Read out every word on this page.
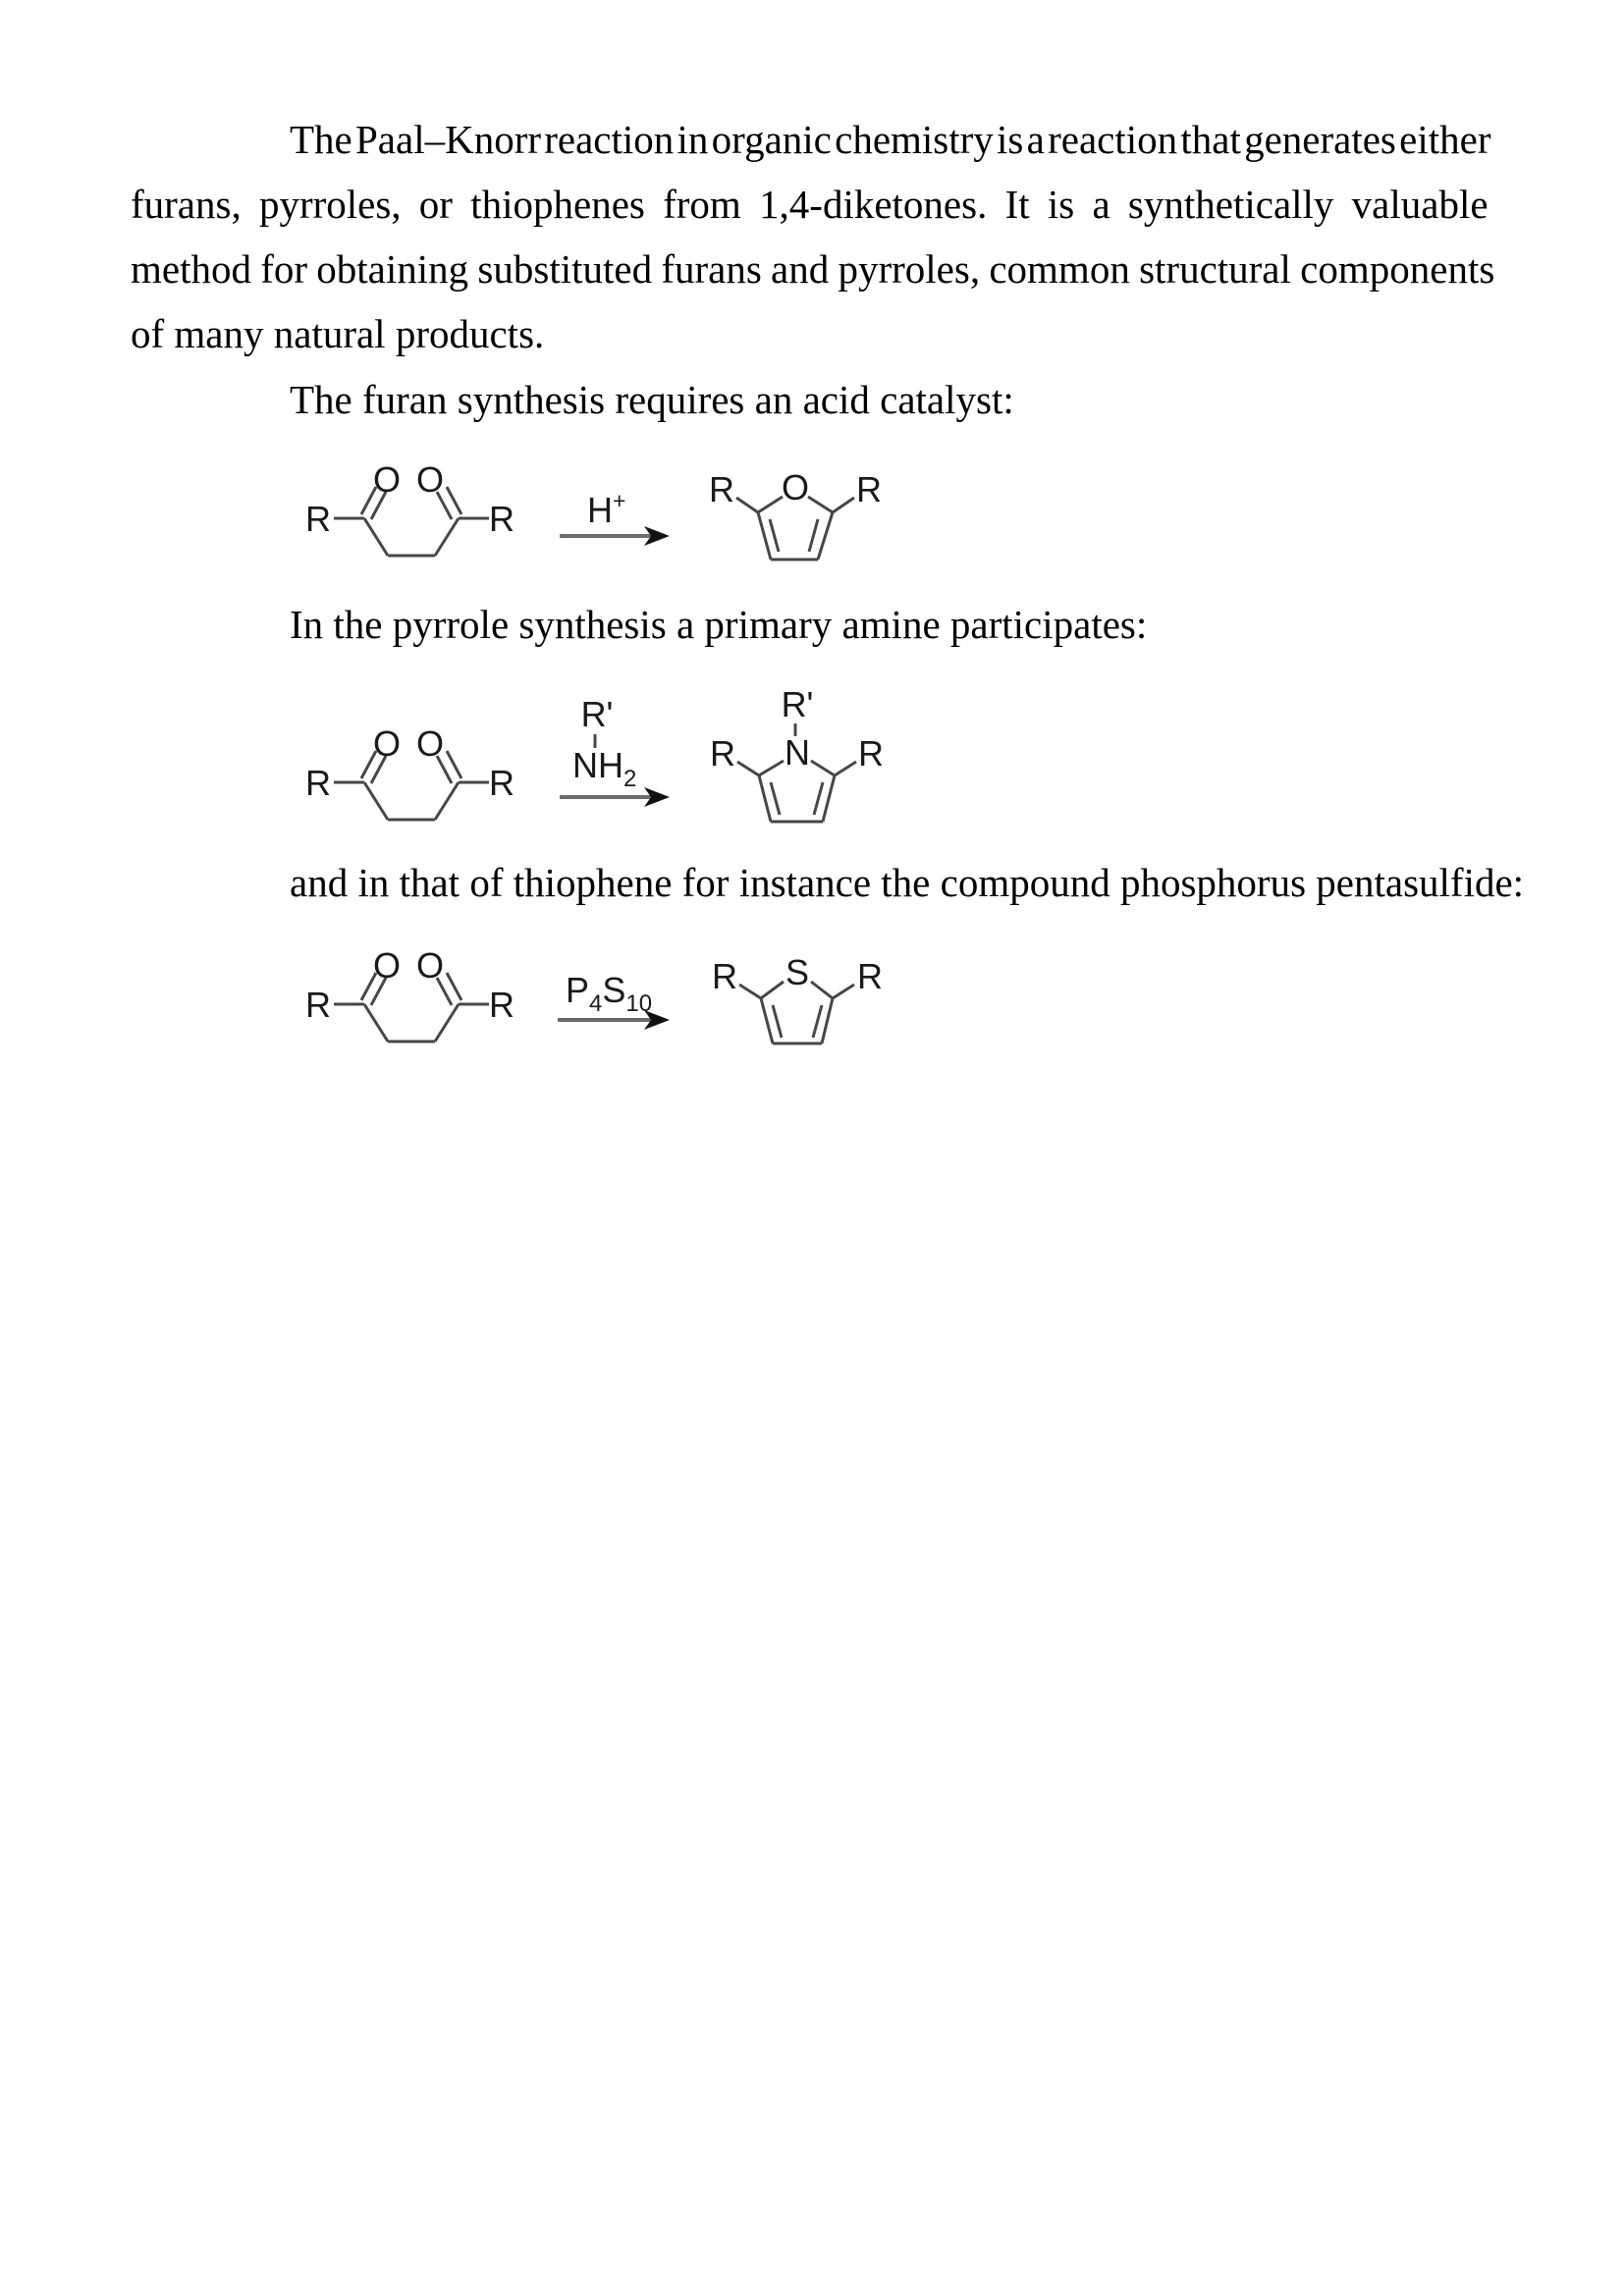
The Paal–Knorr reaction in organic chemistry is a reaction that generates either
furans, pyrroles, or thiophenes from 1,4-diketones. It is a synthetically valuable
method for obtaining substituted furans and pyrroles, common structural components
of many natural products.
The furan synthesis requires an acid catalyst:
R
O O
R H+	O
R	R
In the pyrrole synthesis a primary amine participates:
R
O O
R
R'
$NH_2$
R'
N
R	R
and in that of thiophene for instance the compound phosphorus pentasulfide:
R
O O
R $P_4S_{10}$
S
R	R
